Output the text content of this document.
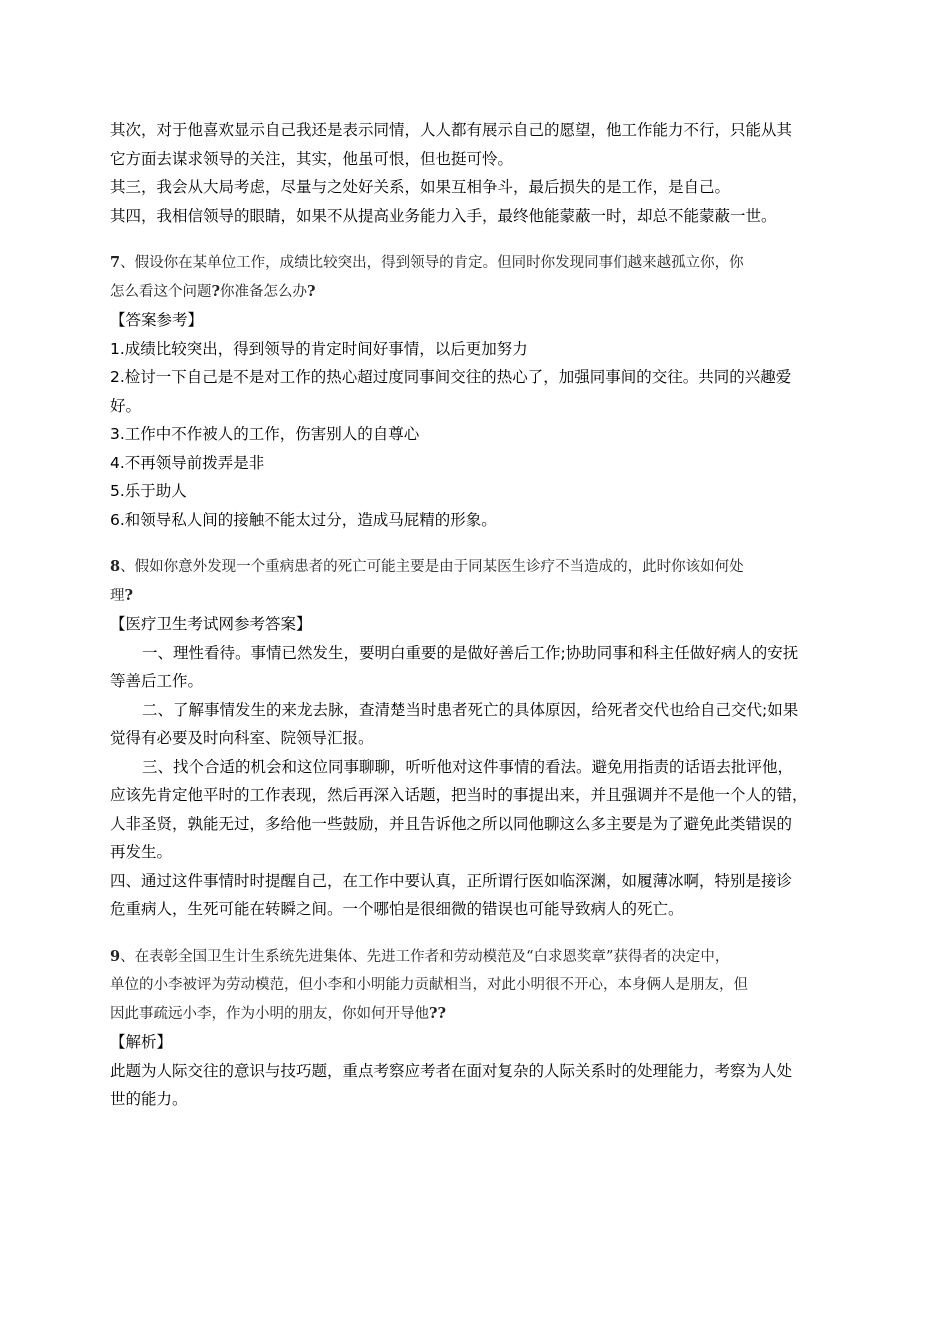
其次，对于他喜欢显示自己我还是表示同情，人人都有展示自己的愿望，他工作能力不行，只能从其
它方面去谋求领导的关注，其实，他虽可恨，但也挺可怜。
其三，我会从大局考虑，尽量与之处好关系，如果互相争斗，最后损失的是工作，是自己。
其四，我相信领导的眼睛，如果不从提高业务能力入手，最终他能蒙蔽一时，却总不能蒙蔽一世。
7、假设你在某单位工作，成绩比较突出，得到领导的肯定。但同时你发现同事们越来越孤立你，你
怎么看这个问题?你准备怎么办?
【答案参考】
1.成绩比较突出，得到领导的肯定时间好事情，以后更加努力
2.检讨一下自己是不是对工作的热心超过度同事间交往的热心了，加强同事间的交往。共同的兴趣爱
好。
3.工作中不作被人的工作，伤害别人的自尊心
4.不再领导前拨弄是非
5.乐于助人
6.和领导私人间的接触不能太过分，造成马屁精的形象。
8、假如你意外发现一个重病患者的死亡可能主要是由于同某医生诊疗不当造成的，此时你该如何处
理?
【医疗卫生考试网参考答案】
一、理性看待。事情已然发生，要明白重要的是做好善后工作;协助同事和科主任做好病人的安抚
等善后工作。
二、了解事情发生的来龙去脉，查清楚当时患者死亡的具体原因，给死者交代也给自己交代;如果
觉得有必要及时向科室、院领导汇报。
三、找个合适的机会和这位同事聊聊，听听他对这件事情的看法。避免用指责的话语去批评他，
应该先肯定他平时的工作表现，然后再深入话题，把当时的事提出来，并且强调并不是他一个人的错，
人非圣贤，孰能无过，多给他一些鼓励，并且告诉他之所以同他聊这么多主要是为了避免此类错误的
再发生。
四、通过这件事情时时提醒自己，在工作中要认真，正所谓行医如临深渊，如履薄冰啊，特别是接诊
危重病人，生死可能在转瞬之间。一个哪怕是很细微的错误也可能导致病人的死亡。
9、在表彰全国卫生计生系统先进集体、先进工作者和劳动模范及“白求恩奖章”获得者的决定中，
单位的小李被评为劳动模范，但小李和小明能力贡献相当，对此小明很不开心，本身俩人是朋友，但
因此事疏远小李，作为小明的朋友，你如何开导他??
【解析】
此题为人际交往的意识与技巧题，重点考察应考者在面对复杂的人际关系时的处理能力，考察为人处
世的能力。
